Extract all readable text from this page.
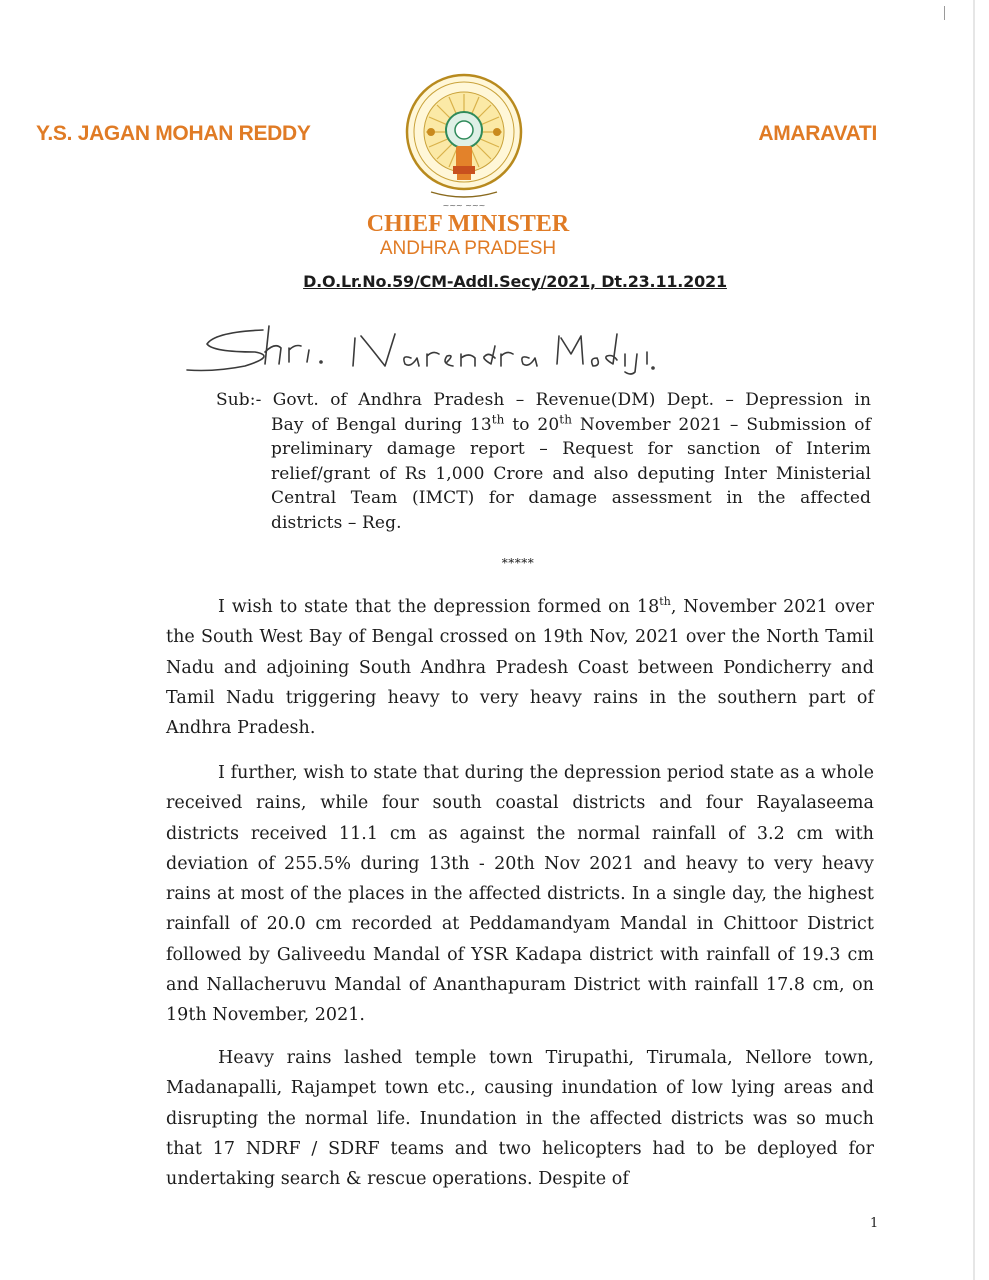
Y.S. JAGAN MOHAN REDDY	AMARAVATI
~~~ ~~~
CHIEF MINISTER
ANDHRA PRADESH
D.O.Lr.No.59/CM-Addl.Secy/2021, Dt.23.11.2021
Sub:- Govt. of Andhra Pradesh – Revenue(DM) Dept. – Depression in
Bay of Bengal during 13th to 20th November 2021 – Submission of preliminary damage report – Request for sanction of Interim relief/grant of Rs 1,000 Crore and also deputing Inter Ministerial Central Team (IMCT) for damage assessment in the affected districts – Reg.
*****
I wish to state that the depression formed on 18th, November 2021 over the South West Bay of Bengal crossed on 19th Nov, 2021 over the North Tamil Nadu and adjoining South Andhra Pradesh Coast between Pondicherry and Tamil Nadu triggering heavy to very heavy rains in the southern part of Andhra Pradesh.
I further, wish to state that during the depression period state as a whole received rains, while four south coastal districts and four Rayalaseema districts received 11.1 cm as against the normal rainfall of 3.2 cm with deviation of 255.5% during 13th - 20th Nov 2021 and heavy to very heavy rains at most of the places in the affected districts. In a single day, the highest rainfall of 20.0 cm recorded at Peddamandyam Mandal in Chittoor District followed by Galiveedu Mandal of YSR Kadapa district with rainfall of 19.3 cm and Nallacheruvu Mandal of Ananthapuram District with rainfall 17.8 cm, on 19th November, 2021.
Heavy rains lashed temple town Tirupathi, Tirumala, Nellore town, Madanapalli, Rajampet town etc., causing inundation of low lying areas and disrupting the normal life. Inundation in the affected districts was so much that 17 NDRF / SDRF teams and two helicopters had to be deployed for undertaking search & rescue operations. Despite of
1
